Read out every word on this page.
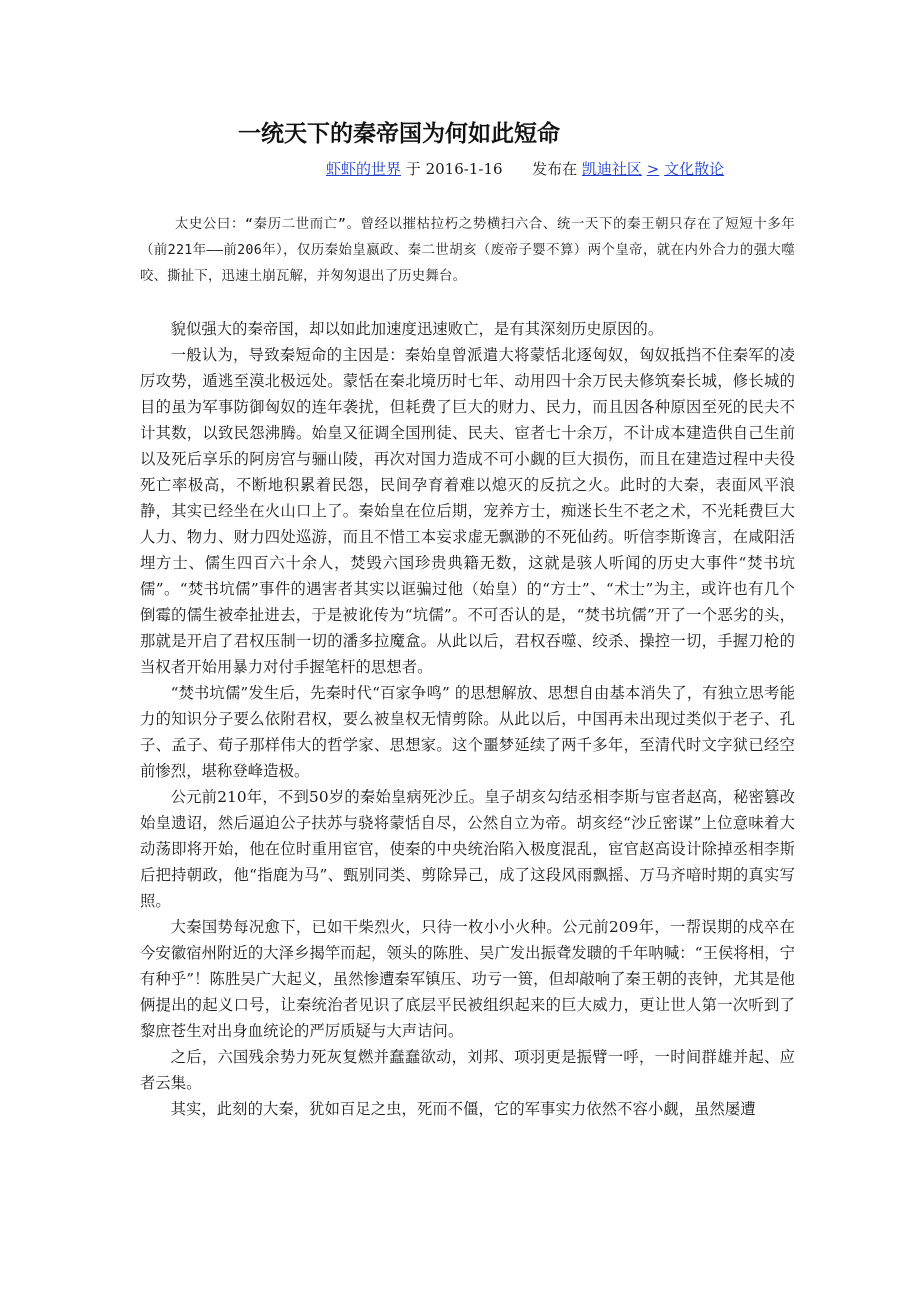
一统天下的秦帝国为何如此短命
虾虾的世界 于 2016-1-16 发布在 凯迪社区 > 文化散论

太史公曰：“秦历二世而亡”。曾经以摧枯拉朽之势横扫六合、统一天下的秦王朝只存在了短短十多年（前221年——前206年），仅历秦始皇嬴政、秦二世胡亥（废帝子婴不算）两个皇帝，就在内外合力的强大噬咬、撕扯下，迅速土崩瓦解，并匆匆退出了历史舞台。

貌似强大的秦帝国，却以如此加速度迅速败亡，是有其深刻历史原因的。

一般认为，导致秦短命的主因是：秦始皇曾派遣大将蒙恬北逐匈奴，匈奴抵挡不住秦军的凌厉攻势，遁逃至漠北极远处。蒙恬在秦北境历时七年、动用四十余万民夫修筑秦长城，修长城的目的虽为军事防御匈奴的连年袭扰，但耗费了巨大的财力、民力，而且因各种原因至死的民夫不计其数，以致民怨沸腾。始皇又征调全国刑徒、民夫、宦者七十余万，不计成本建造供自己生前以及死后享乐的阿房宫与骊山陵，再次对国力造成不可小觑的巨大损伤，而且在建造过程中夫役死亡率极高，不断地积累着民怨，民间孕育着难以熄灭的反抗之火。此时的大秦，表面风平浪静，其实已经坐在火山口上了。秦始皇在位后期，宠养方士，痴迷长生不老之术，不光耗费巨大人力、物力、财力四处巡游，而且不惜工本妄求虚无飘渺的不死仙药。听信李斯谗言，在咸阳活埋方士、儒生四百六十余人，焚毁六国珍贵典籍无数，这就是骇人听闻的历史大事件“焚书坑儒”。“焚书坑儒”事件的遇害者其实以诓骗过他（始皇）的“方士”、“术士”为主，或许也有几个倒霉的儒生被牵扯进去，于是被讹传为“坑儒”。不可否认的是，“焚书坑儒”开了一个恶劣的头，那就是开启了君权压制一切的潘多拉魔盒。从此以后，君权吞噬、绞杀、操控一切，手握刀枪的当权者开始用暴力对付手握笔杆的思想者。

“焚书坑儒”发生后，先秦时代“百家争鸣” 的思想解放、思想自由基本消失了，有独立思考能力的知识分子要么依附君权，要么被皇权无情剪除。从此以后，中国再未出现过类似于老子、孔子、孟子、荀子那样伟大的哲学家、思想家。这个噩梦延续了两千多年，至清代时文字狱已经空前惨烈，堪称登峰造极。

公元前210年，不到50岁的秦始皇病死沙丘。皇子胡亥勾结丞相李斯与宦者赵高，秘密篡改始皇遗诏，然后逼迫公子扶苏与骁将蒙恬自尽，公然自立为帝。胡亥经“沙丘密谋”上位意味着大动荡即将开始，他在位时重用宦官，使秦的中央统治陷入极度混乱，宦官赵高设计除掉丞相李斯后把持朝政，他“指鹿为马”、甄别同类、剪除异己，成了这段风雨飘摇、万马齐喑时期的真实写照。

大秦国势每况愈下，已如干柴烈火，只待一枚小小火种。公元前209年，一帮误期的戍卒在今安徽宿州附近的大泽乡揭竿而起，领头的陈胜、吴广发出振聋发聩的千年呐喊：“王侯将相，宁有种乎”！陈胜吴广大起义，虽然惨遭秦军镇压、功亏一篑，但却敲响了秦王朝的丧钟，尤其是他俩提出的起义口号，让秦统治者见识了底层平民被组织起来的巨大威力，更让世人第一次听到了黎庶苍生对出身血统论的严厉质疑与大声诘问。

之后，六国残余势力死灰复燃并蠢蠢欲动，刘邦、项羽更是振臂一呼，一时间群雄并起、应者云集。

其实，此刻的大秦，犹如百足之虫，死而不僵，它的军事实力依然不容小觑，虽然屡遭
